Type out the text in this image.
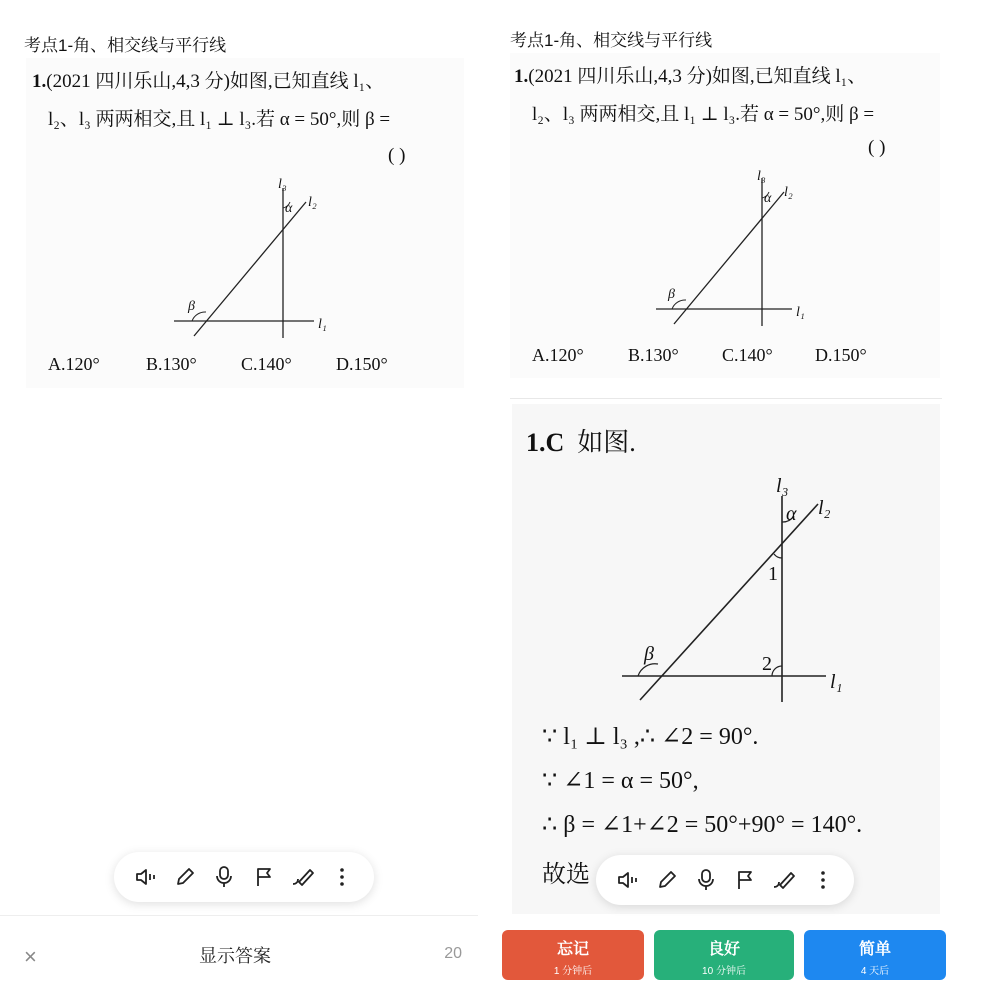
考点1-角、相交线与平行线
1.(2021 四川乐山,4,3 分)如图,已知直线 l₁、
l₂、l₃ 两两相交,且 l₁ ⊥ l₃.若 α = 50°,则 β =
( )
l₃
l₂
l₁
α
β
A.120°	B.130° C.140° D.150°
×	显示答案	20
考点1-角、相交线与平行线
1.(2021 四川乐山,4,3 分)如图,已知直线 l₁、
l₂、l₃ 两两相交,且 l₁ ⊥ l₃.若 α = 50°,则 β =
( )
l₃
l₂
l₁
α
β
A.120° B.130° C.140° D.150°
1.C 如图.
l₃
l₂
l₁
α
1
2
β
∵ l₁ ⊥ l₃ ,∴ ∠2 = 90°.
∵ ∠1 = α = 50°,
∴ β = ∠1+∠2 = 50°+90° = 140°.
故选
忘记
1 分钟后
良好
10 分钟后
简单
4 天后
